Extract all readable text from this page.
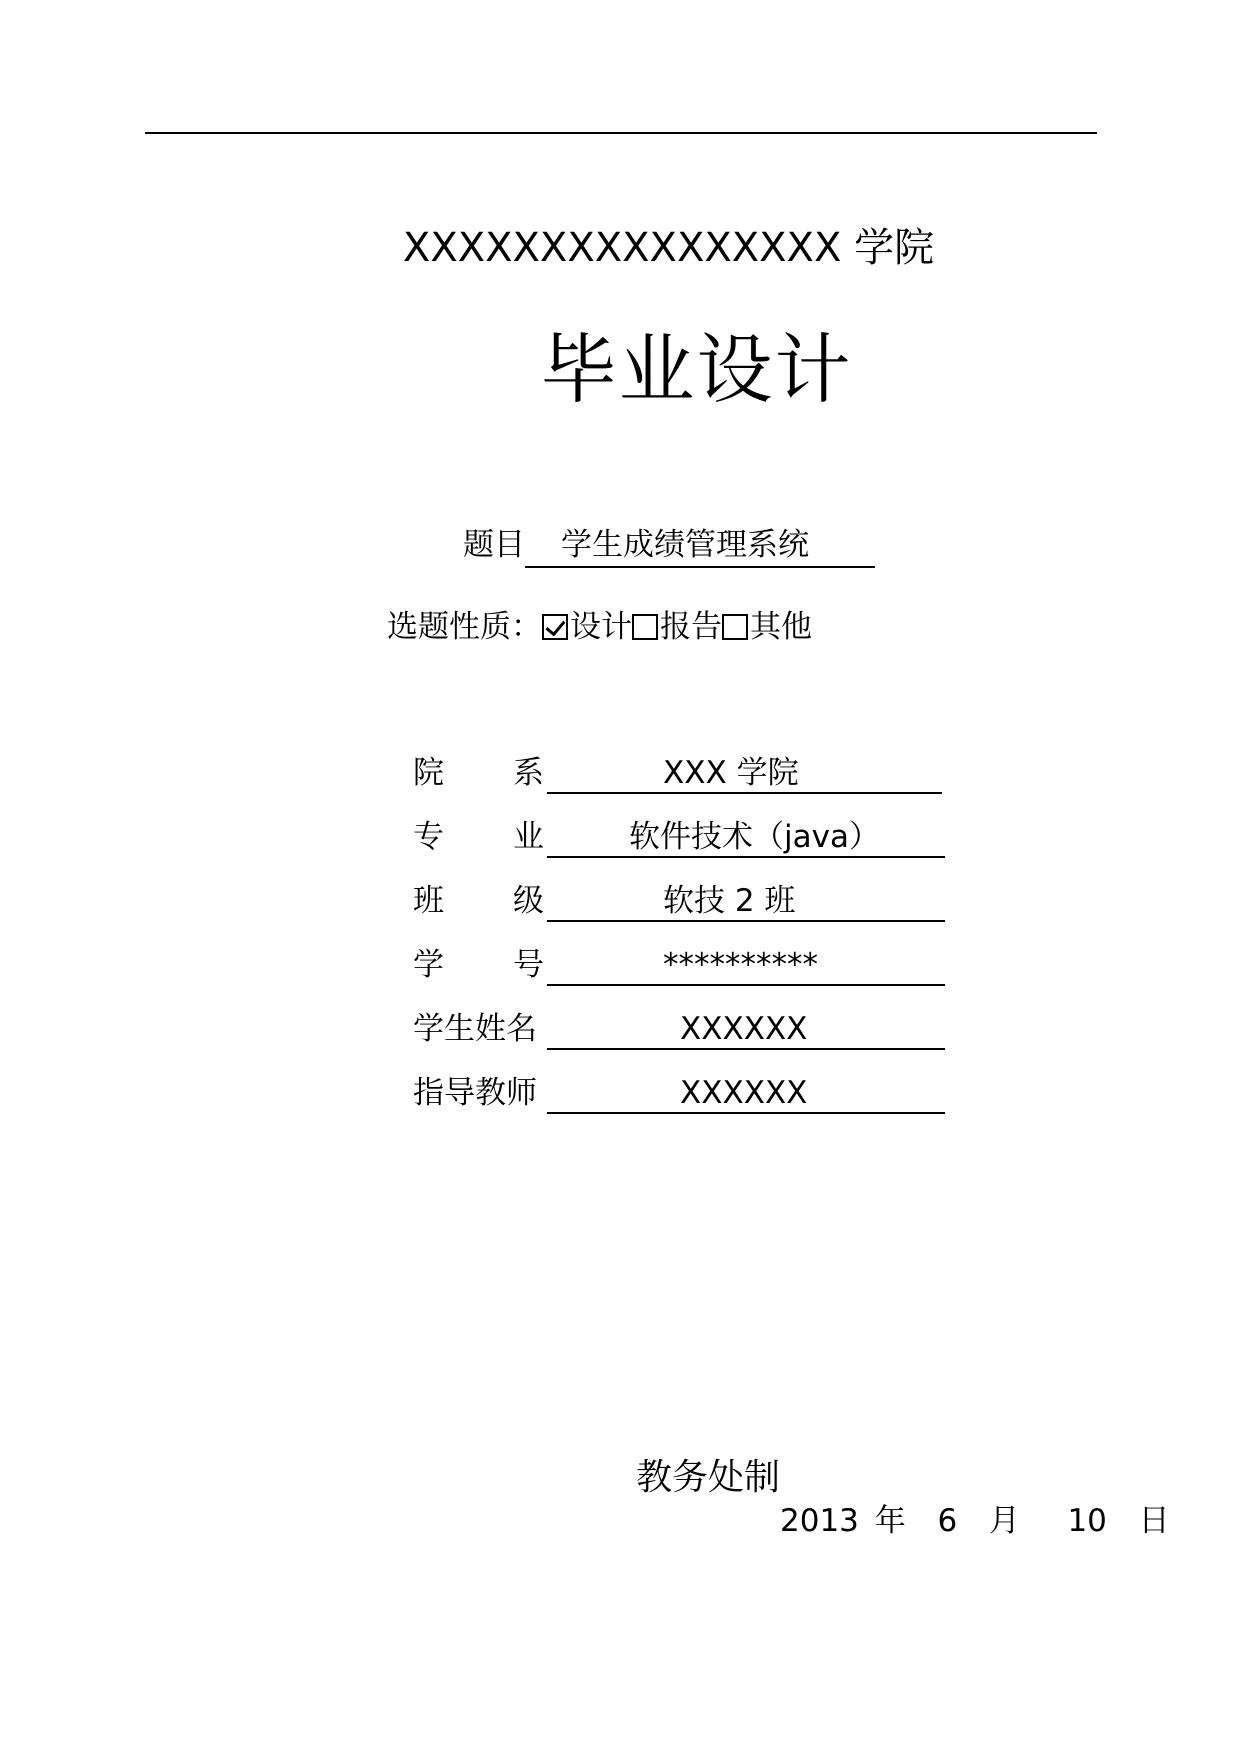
XXXXXXXXXXXXXXXX 学院
毕业设计
题目 学生成绩管理系统
选题性质： 设计 报告 其他
院 系	XXX 学院
专 业	软件技术（java）
班 级	软技 2 班
学 号	**********
学生姓名	XXXXXX
指导教师	XXXXXX
教务处制
2013 年  6  月   10  日
